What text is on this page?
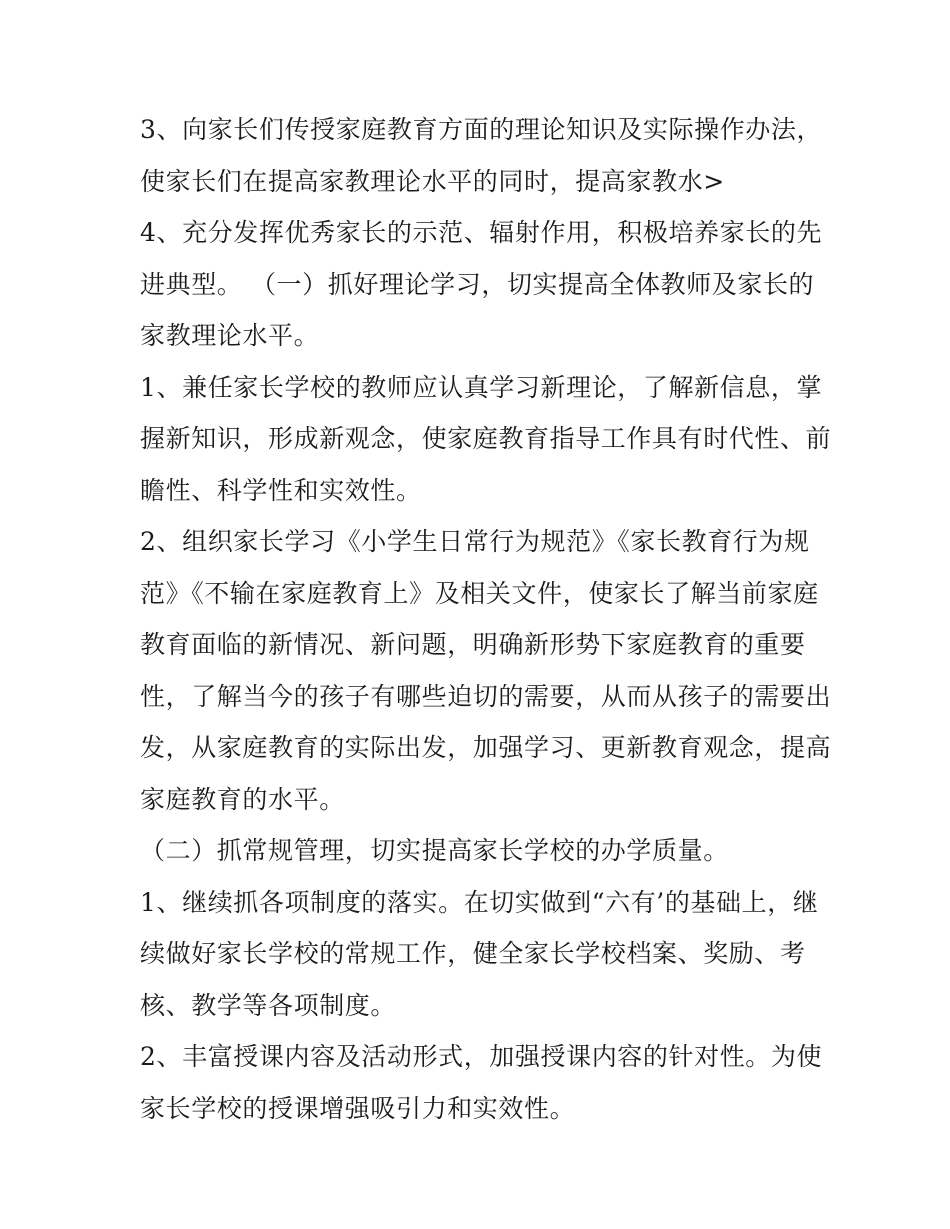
3、向家长们传授家庭教育方面的理论知识及实际操作办法，
使家长们在提高家教理论水平的同时，提高家教水>
4、充分发挥优秀家长的示范、辐射作用，积极培养家长的先
进典型。 （一）抓好理论学习，切实提高全体教师及家长的
家教理论水平。
1、兼任家长学校的教师应认真学习新理论，了解新信息，掌
握新知识，形成新观念，使家庭教育指导工作具有时代性、前
瞻性、科学性和实效性。
2、组织家长学习《小学生日常行为规范》《家长教育行为规
范》《不输在家庭教育上》及相关文件，使家长了解当前家庭
教育面临的新情况、新问题，明确新形势下家庭教育的重要
性，了解当今的孩子有哪些迫切的需要，从而从孩子的需要出
发，从家庭教育的实际出发，加强学习、更新教育观念，提高
家庭教育的水平。
（二）抓常规管理，切实提高家长学校的办学质量。
1、继续抓各项制度的落实。在切实做到“六有’的基础上，继
续做好家长学校的常规工作，健全家长学校档案、奖励、考
核、教学等各项制度。
2、丰富授课内容及活动形式，加强授课内容的针对性。为使
家长学校的授课增强吸引力和实效性。
